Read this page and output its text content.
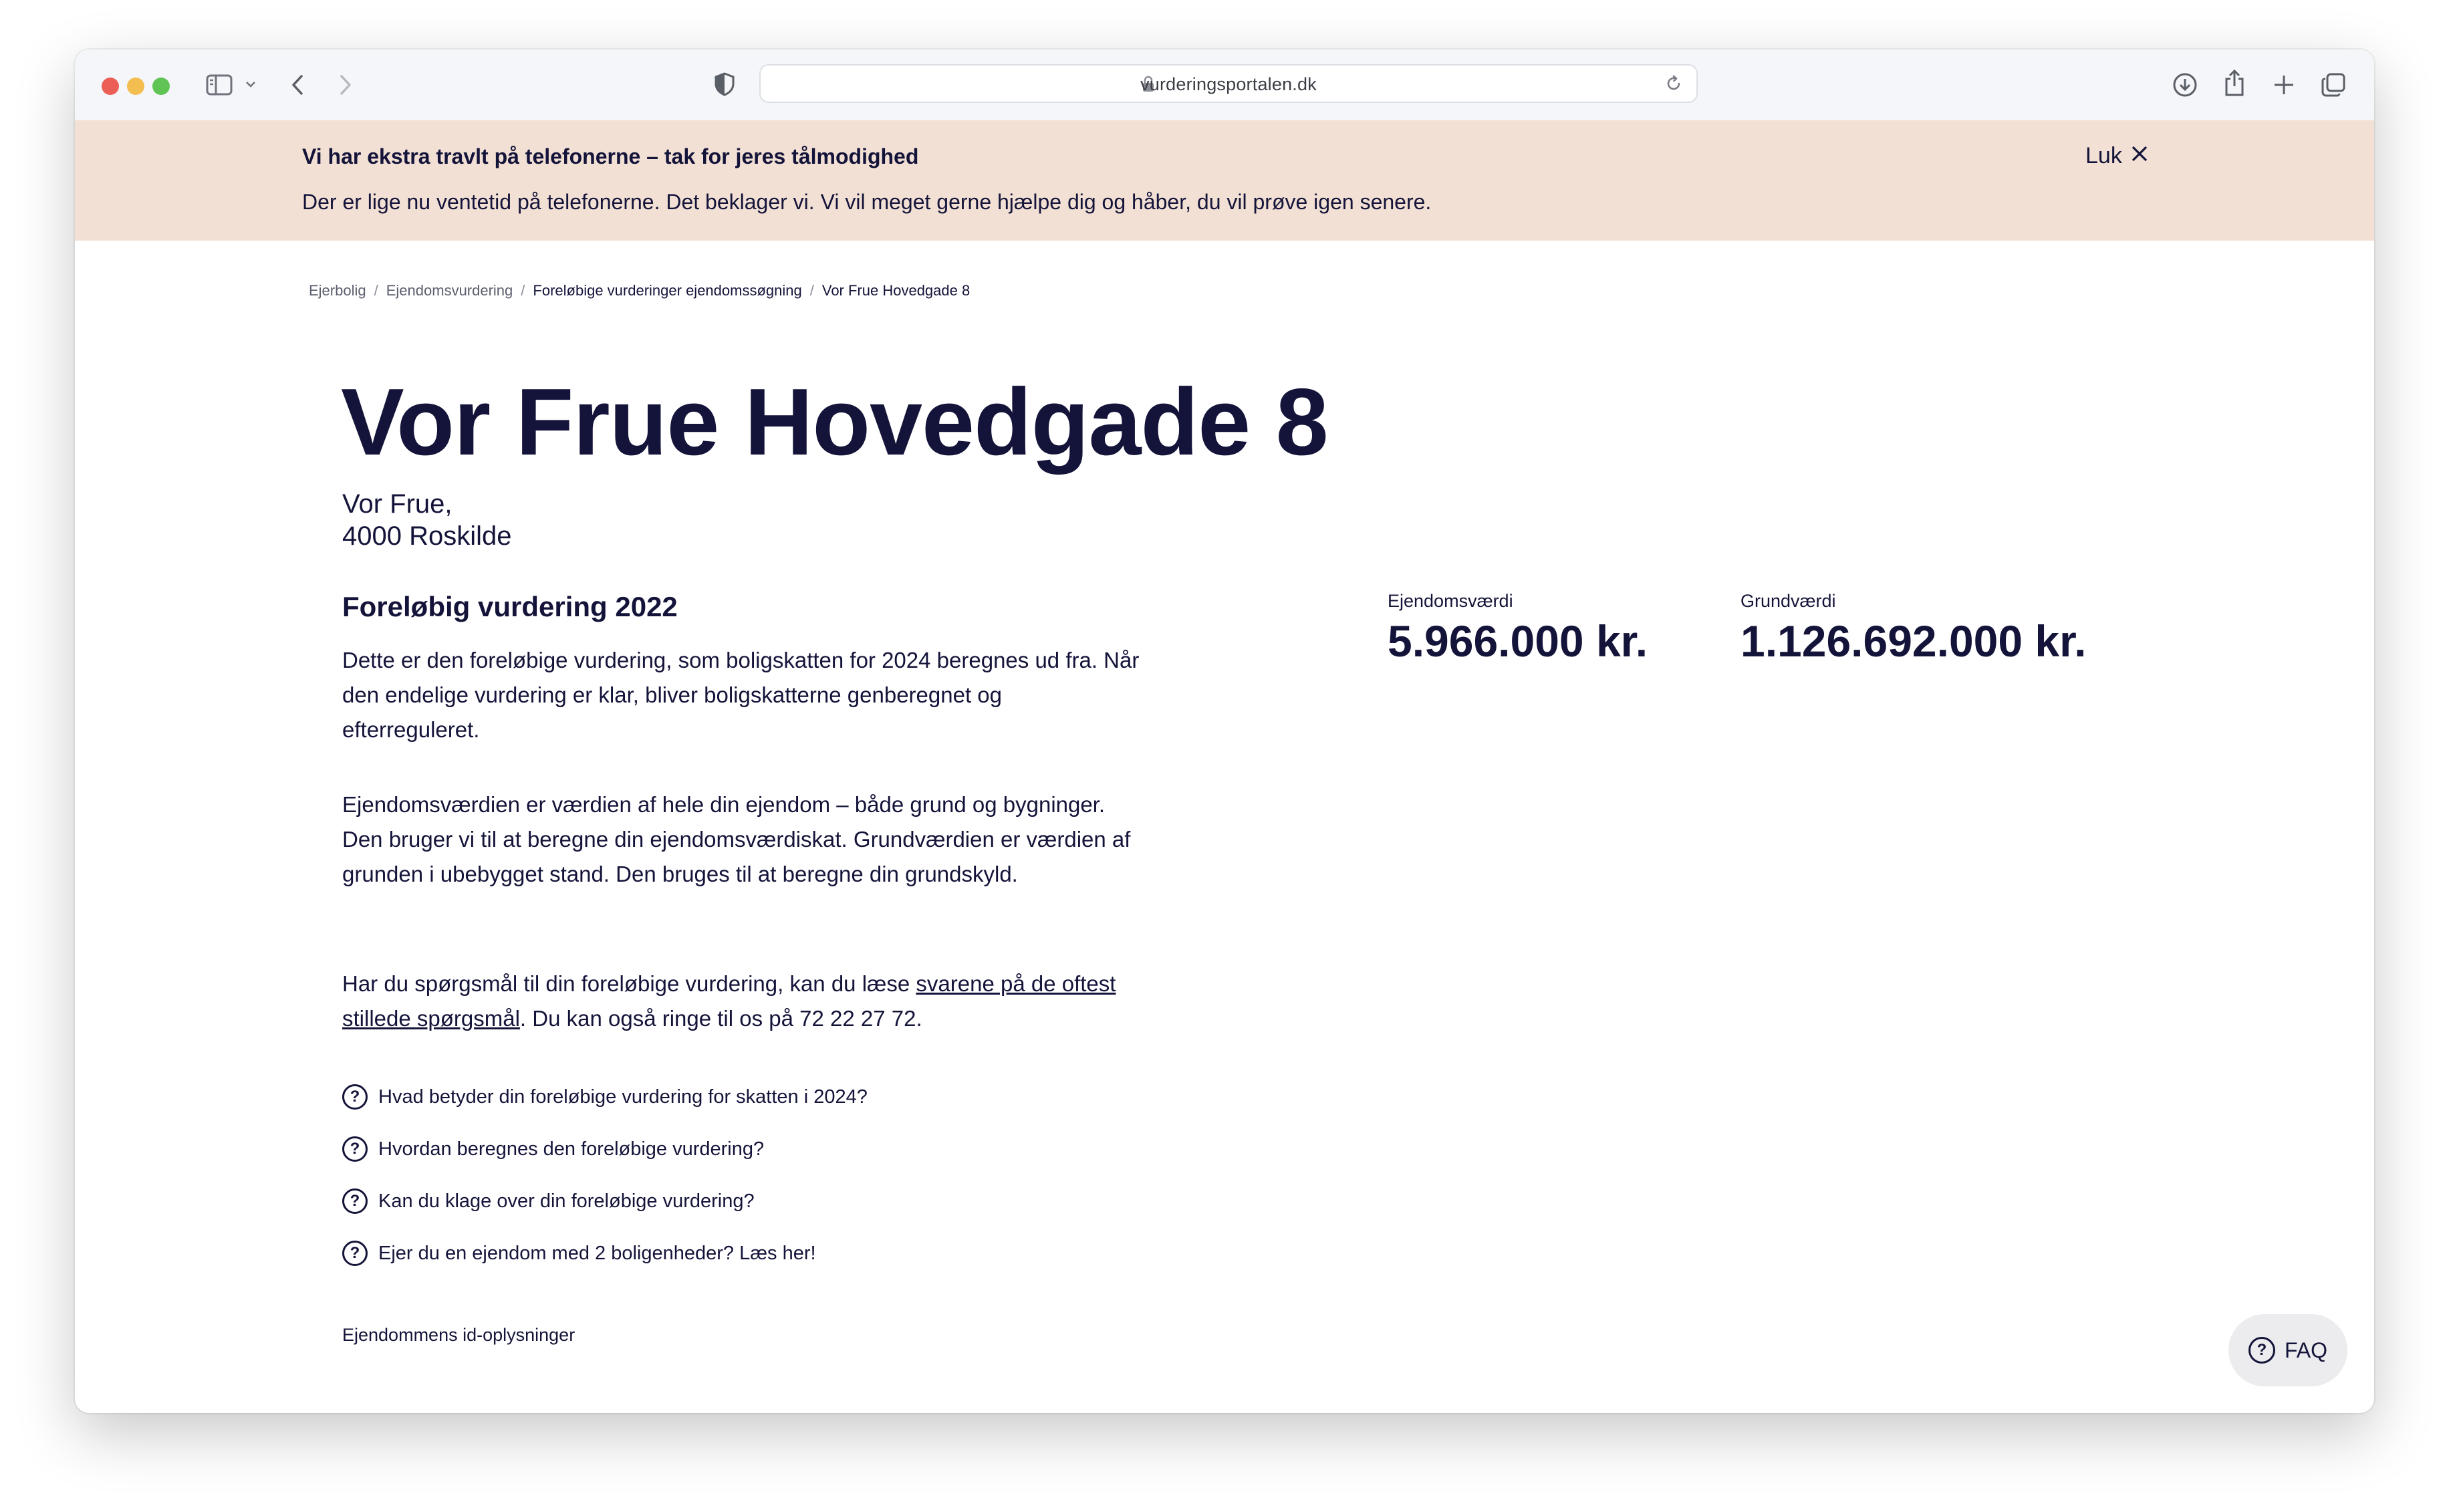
vurderingsportalen.dk
Vi har ekstra travlt på telefonerne – tak for jeres tålmodighed
Der er lige nu ventetid på telefonerne. Det beklager vi. Vi vil meget gerne hjælpe dig og håber, du vil prøve igen senere.
Luk
Ejerbolig / Ejendomsvurdering / Foreløbige vurderinger ejendomssøgning / Vor Frue Hovedgade 8
Vor Frue Hovedgade 8
Vor Frue,
4000 Roskilde
Foreløbig vurdering 2022

Dette er den foreløbige vurdering, som boligskatten for 2024 beregnes ud fra. Når den endelige vurdering er klar, bliver boligskatterne genberegnet og efterreguleret.

Ejendomsværdien er værdien af hele din ejendom – både grund og bygninger. Den bruger vi til at beregne din ejendomsværdiskat. Grundværdien er værdien af grunden i ubebygget stand. Den bruges til at beregne din grundskyld.

Har du spørgsmål til din foreløbige vurdering, kan du læse svarene på de oftest stillede spørgsmål. Du kan også ringe til os på 72 22 27 72.

? Hvad betyder din foreløbige vurdering for skatten i 2024?
? Hvordan beregnes den foreløbige vurdering?
? Kan du klage over din foreløbige vurdering?
? Ejer du en ejendom med 2 boligenheder? Læs her!
Ejendommens id-oplysninger
Ejendomsværdi
5.966.000 kr.
Grundværdi
1.126.692.000 kr.
? FAQ
